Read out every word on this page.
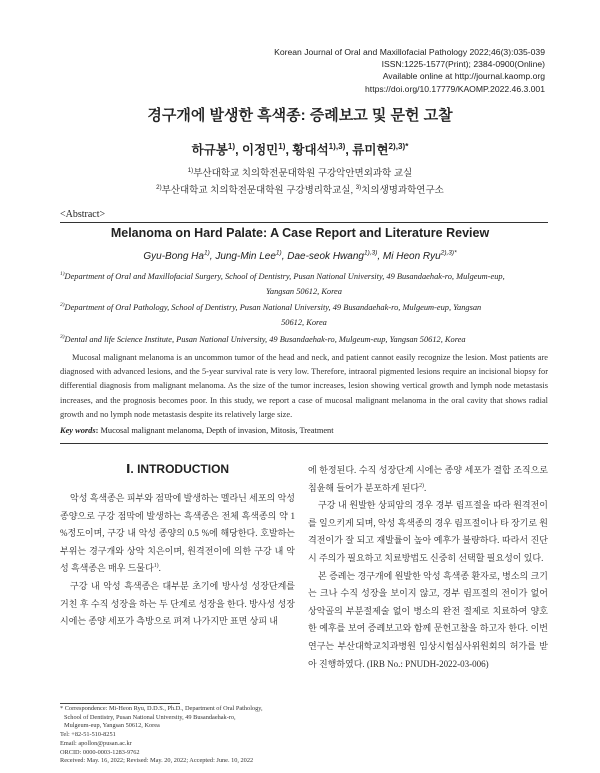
Korean Journal of Oral and Maxillofacial Pathology 2022;46(3):035-039
ISSN:1225-1577(Print); 2384-0900(Online)
Available online at http://journal.kaomp.org
https://doi.org/10.17779/KAOMP.2022.46.3.001
경구개에 발생한 흑색종: 증례보고 및 문헌 고찰
하규봉$^{1)}$, 이정민$^{1)}$, 황대석$^{1),3)}$, 류미현$^{2),3)*}$
$^{1)}$부산대학교 치의학전문대학원 구강악안면외과학 교실
$^{2)}$부산대학교 치의학전문대학원 구강병리학교실, $^{3)}$치의생명과학연구소
<Abstract>
Melanoma on Hard Palate: A Case Report and Literature Review
Gyu-Bong Ha$^{1)}$, Jung-Min Lee$^{1)}$, Dae-seok Hwang$^{1),3)}$, Mi Heon Ryu$^{2),3)*}$
$^{1)}$Department of Oral and Maxillofacial Surgery, School of Dentistry, Pusan National University, 49 Busandaehak-ro, Mulgeum-eup,
Yangsan 50612, Korea
$^{2)}$Department of Oral Pathology, School of Dentistry, Pusan National University, 49 Busandaehak-ro, Mulgeum-eup, Yangsan
50612, Korea
$^{3)}$Dental and life Science Institute, Pusan National University, 49 Busandaehak-ro, Mulgeum-eup, Yangsan 50612, Korea
Mucosal malignant melanoma is an uncommon tumor of the head and neck, and patient cannot easily recognize the lesion. Most patients are diagnosed with advanced lesions, and the 5-year survival rate is very low. Therefore, intraoral pigmented lesions require an incisional biopsy for differential diagnosis from malignant melanoma. As the size of the tumor increases, lesion showing vertical growth and lymph node metastasis increases, and the prognosis becomes poor. In this study, we report a case of mucosal malignant melanoma in the oral cavity that shows radial growth and no lymph node metastasis despite its relatively large size.
Key words: Mucosal malignant melanoma, Depth of invasion, Mitosis, Treatment
Ⅰ. INTRODUCTION

악성 흑색종은 피부와 점막에 발생하는 멜라닌 세포의 악성 종양으로 구강 점막에 발생하는 흑색종은 전체 흑색종의 약 1 %정도이며, 구강 내 악성 종양의 0.5 %에 해당한다. 호발하는 부위는 경구개와 상악 치은이며, 원격전이에 의한 구강 내 악성 흑색종은 매우 드물다$^{1)}$.

구강 내 악성 흑색종은 대부분 초기에 방사성 성장단계를 거친 후 수직 성장을 하는 두 단계로 성장을 한다. 방사성 성장 시에는 종양 세포가 측방으로 펴져 나가지만 표면 상피 내

에 한정된다. 수직 성장단계 시에는 종양 세포가 결합 조직으로 침윤해 들어가 분포하게 된다$^{2)}$.

구강 내 원발한 상피암의 경우 경부 림프절을 따라 원격전이를 일으키게 되며, 악성 흑색종의 경우 림프절이나 타 장기로 원격전이가 잘 되고 재발률이 높아 예후가 불량하다. 따라서 진단 시 주의가 필요하고 치료방법도 신중히 선택할 필요성이 있다.

본 증례는 경구개에 원발한 악성 흑색종 환자로, 병소의 크기는 크나 수직 성장을 보이지 않고, 경부 림프절의 전이가 없어 상악골의 부분절제술 없이 병소의 완전 절제로 치료하여 양호한 예후를 보여 증례보고와 함께 문헌고찰을 하고자 한다. 이번 연구는 부산대학교치과병원 임상시험심사위원회의 허가를 받아 진행하였다. (IRB No.: PNUDH-2022-03-006)

* Correspondence: Mi-Heon Ryu, D.D.S., Ph.D., Department of Oral Pathology,
School of Dentistry, Pusan National University, 49 Busandaehak-ro,
Mulgeum-eup, Yangsan 50612, Korea
Tel: +82-51-510-8251
Email: apollon@pusan.ac.kr
ORCID: 0000-0003-1283-9762
Received: May. 16, 2022; Revised: May. 20, 2022; Accepted: June. 10, 2022
